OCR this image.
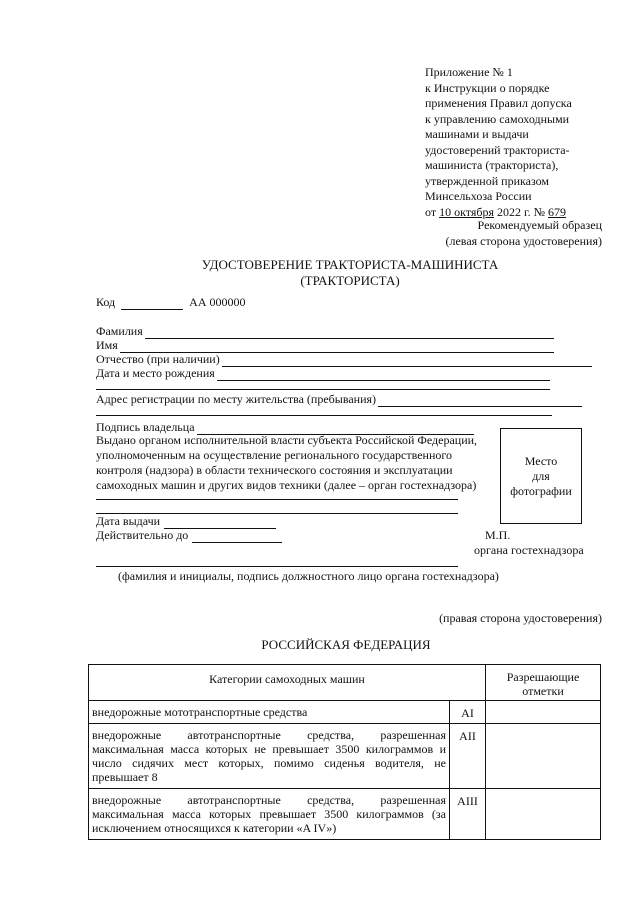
Приложение № 1
к Инструкции о порядке
применения Правил допуска
к управлению самоходными
машинами и выдачи
удостоверений тракториста-
машиниста (тракториста),
утвержденной приказом
Минсельхоза России
от 10 октября 2022 г. № 679
Рекомендуемый образец
(левая сторона удостоверения)
УДОСТОВЕРЕНИЕ ТРАКТОРИСТА-МАШИНИСТА
(ТРАКТОРИСТА)
Код	АА 000000
Фамилия
Имя
Отчество (при наличии)
Дата и место рождения
Адрес регистрации по месту жительства (пребывания)
Подпись владельца
Выдано органом исполнительной власти субъекта Российской Федерации,
уполномоченным на осуществление регионального государственного
контроля (надзора) в области технического состояния и эксплуатации
самоходных машин и других видов техники (далее – орган гостехнадзора)
Место
для
фотографии
Дата выдачи
Действительно до	М.П.
органа гостехнадзора
(фамилия и инициалы, подпись должностного лицо органа гостехнадзора)
(правая сторона удостоверения)
РОССИЙСКАЯ ФЕДЕРАЦИЯ
Категории самоходных машин		Разрешающие
отметки

внедорожные мототранспортные средства	AI	
внедорожные автотранспортные средства, разрешенная максимальная масса которых не превышает 3500 килограммов и число сидячих мест которых, помимо сиденья водителя, не превышает 8	AII	
внедорожные автотранспортные средства, разрешенная максимальная масса которых превышает 3500 килограммов (за исключением относящихся к категории «A IV»)	AIII	
